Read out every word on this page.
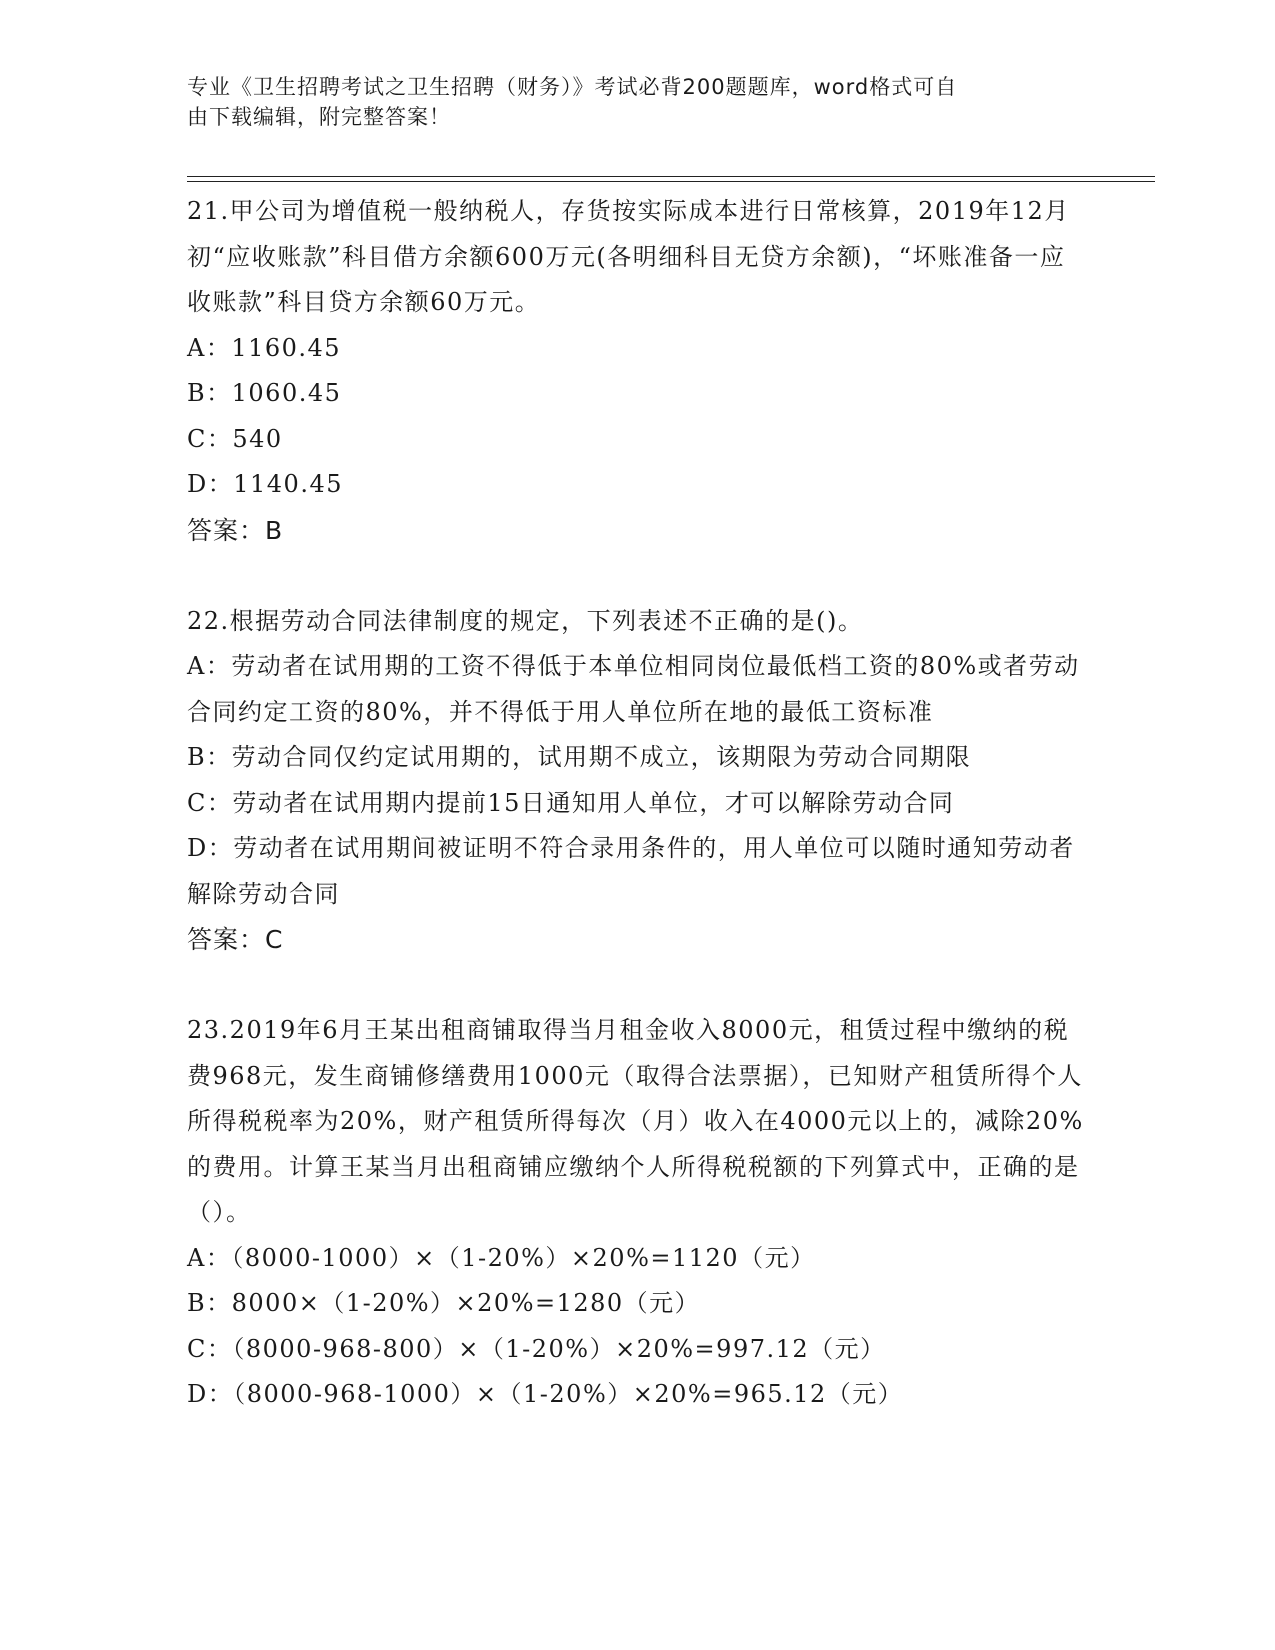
专业《卫生招聘考试之卫生招聘（财务）》考试必背200题题库，word格式可自
由下载编辑，附完整答案！
21.甲公司为增值税一般纳税人，存货按实际成本进行日常核算，2019年12月初“应收账款”科目借方余额600万元(各明细科目无贷方余额)，“坏账准备一应收账款”科目贷方余额60万元。
A：1160.45
B：1060.45
C：540
D：1140.45
答案：B
22.根据劳动合同法律制度的规定，下列表述不正确的是()。
A：劳动者在试用期的工资不得低于本单位相同岗位最低档工资的80%或者劳动合同约定工资的80%，并不得低于用人单位所在地的最低工资标准
B：劳动合同仅约定试用期的，试用期不成立，该期限为劳动合同期限
C：劳动者在试用期内提前15日通知用人单位，才可以解除劳动合同
D：劳动者在试用期间被证明不符合录用条件的，用人单位可以随时通知劳动者解除劳动合同
答案：C
23.2019年6月王某出租商铺取得当月租金收入8000元，租赁过程中缴纳的税费968元，发生商铺修缮费用1000元（取得合法票据），已知财产租赁所得个人所得税税率为20%，财产租赁所得每次（月）收入在4000元以上的，减除20%的费用。计算王某当月出租商铺应缴纳个人所得税税额的下列算式中，正确的是（）。
A：（8000-1000）×（1-20%）×20%=1120（元）
B：8000×（1-20%）×20%=1280（元）
C：（8000-968-800）×（1-20%）×20%=997.12（元）
D：（8000-968-1000）×（1-20%）×20%=965.12（元）
